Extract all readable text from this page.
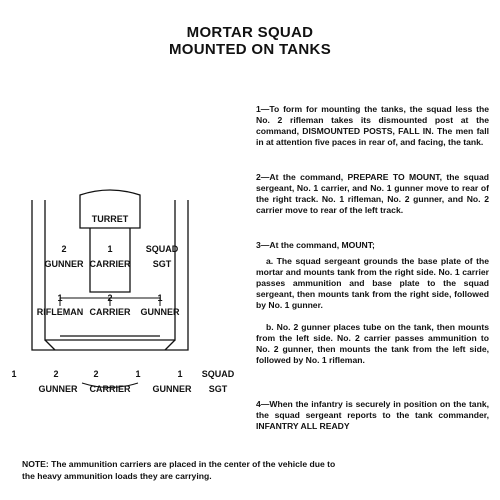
MORTAR SQUAD
MOUNTED ON TANKS
TURRET
2
GUNNER
1
CARRIER
SQUAD
SGT
1
RIFLEMAN
2
CARRIER
1
GUNNER
1	2	2	1	1 SQUAD
GUNNER CARRIER GUNNER SGT
1—To form for mounting the tanks, the squad less the No. 2 rifleman takes its dismounted post at the command, DISMOUNTED POSTS, FALL IN. The men fall in at attention five paces in rear of, and facing, the tank.
2—At the command, PREPARE TO MOUNT, the squad sergeant, No. 1 carrier, and No. 1 gunner move to rear of the right track. No. 1 rifleman, No. 2 gunner, and No. 2 carrier move to rear of the left track.
3—At the command, MOUNT;
a. The squad sergeant grounds the base plate of the mortar and mounts tank from the right side. No. 1 carrier passes ammunition and base plate to the squad sergeant, then mounts tank from the right side, followed by No. 1 gunner.
b. No. 2 gunner places tube on the tank, then mounts from the left side. No. 2 carrier passes ammunition to No. 2 gunner, then mounts the tank from the left side, followed by No. 1 rifleman.
4—When the infantry is securely in position on the tank, the squad sergeant reports to the tank commander, INFANTRY ALL READY
NOTE: The ammunition carriers are placed in the center of the vehicle due to the heavy ammunition loads they are carrying.
